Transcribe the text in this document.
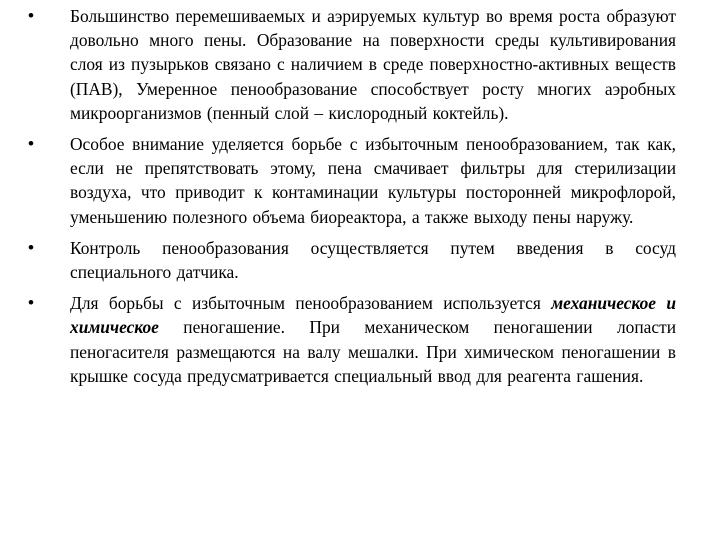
• Большинство перемешиваемых и аэрируемых культур во время роста образуют довольно много пены. Образование на поверхности среды культивирования слоя из пузырьков связано с наличием в среде поверхностно-активных веществ (ПАВ), Умеренное пенообразование способствует росту многих аэробных микроорганизмов (пенный слой – кислородный коктейль).
• Особое внимание уделяется борьбе с избыточным пенообразованием, так как, если не препятствовать этому, пена смачивает фильтры для стерилизации воздуха, что приводит к контаминации культуры посторонней микрофлорой, уменьшению полезного объема биореактора, а также выходу пены наружу.
• Контроль пенообразования осуществляется путем введения в сосуд специального датчика.
• Для борьбы с избыточным пенообразованием используется механическое и химическое пеногашение. При механическом пеногашении лопасти пеногасителя размещаются на валу мешалки. При химическом пеногашении в крышке сосуда предусматривается специальный ввод для реагента гашения.
